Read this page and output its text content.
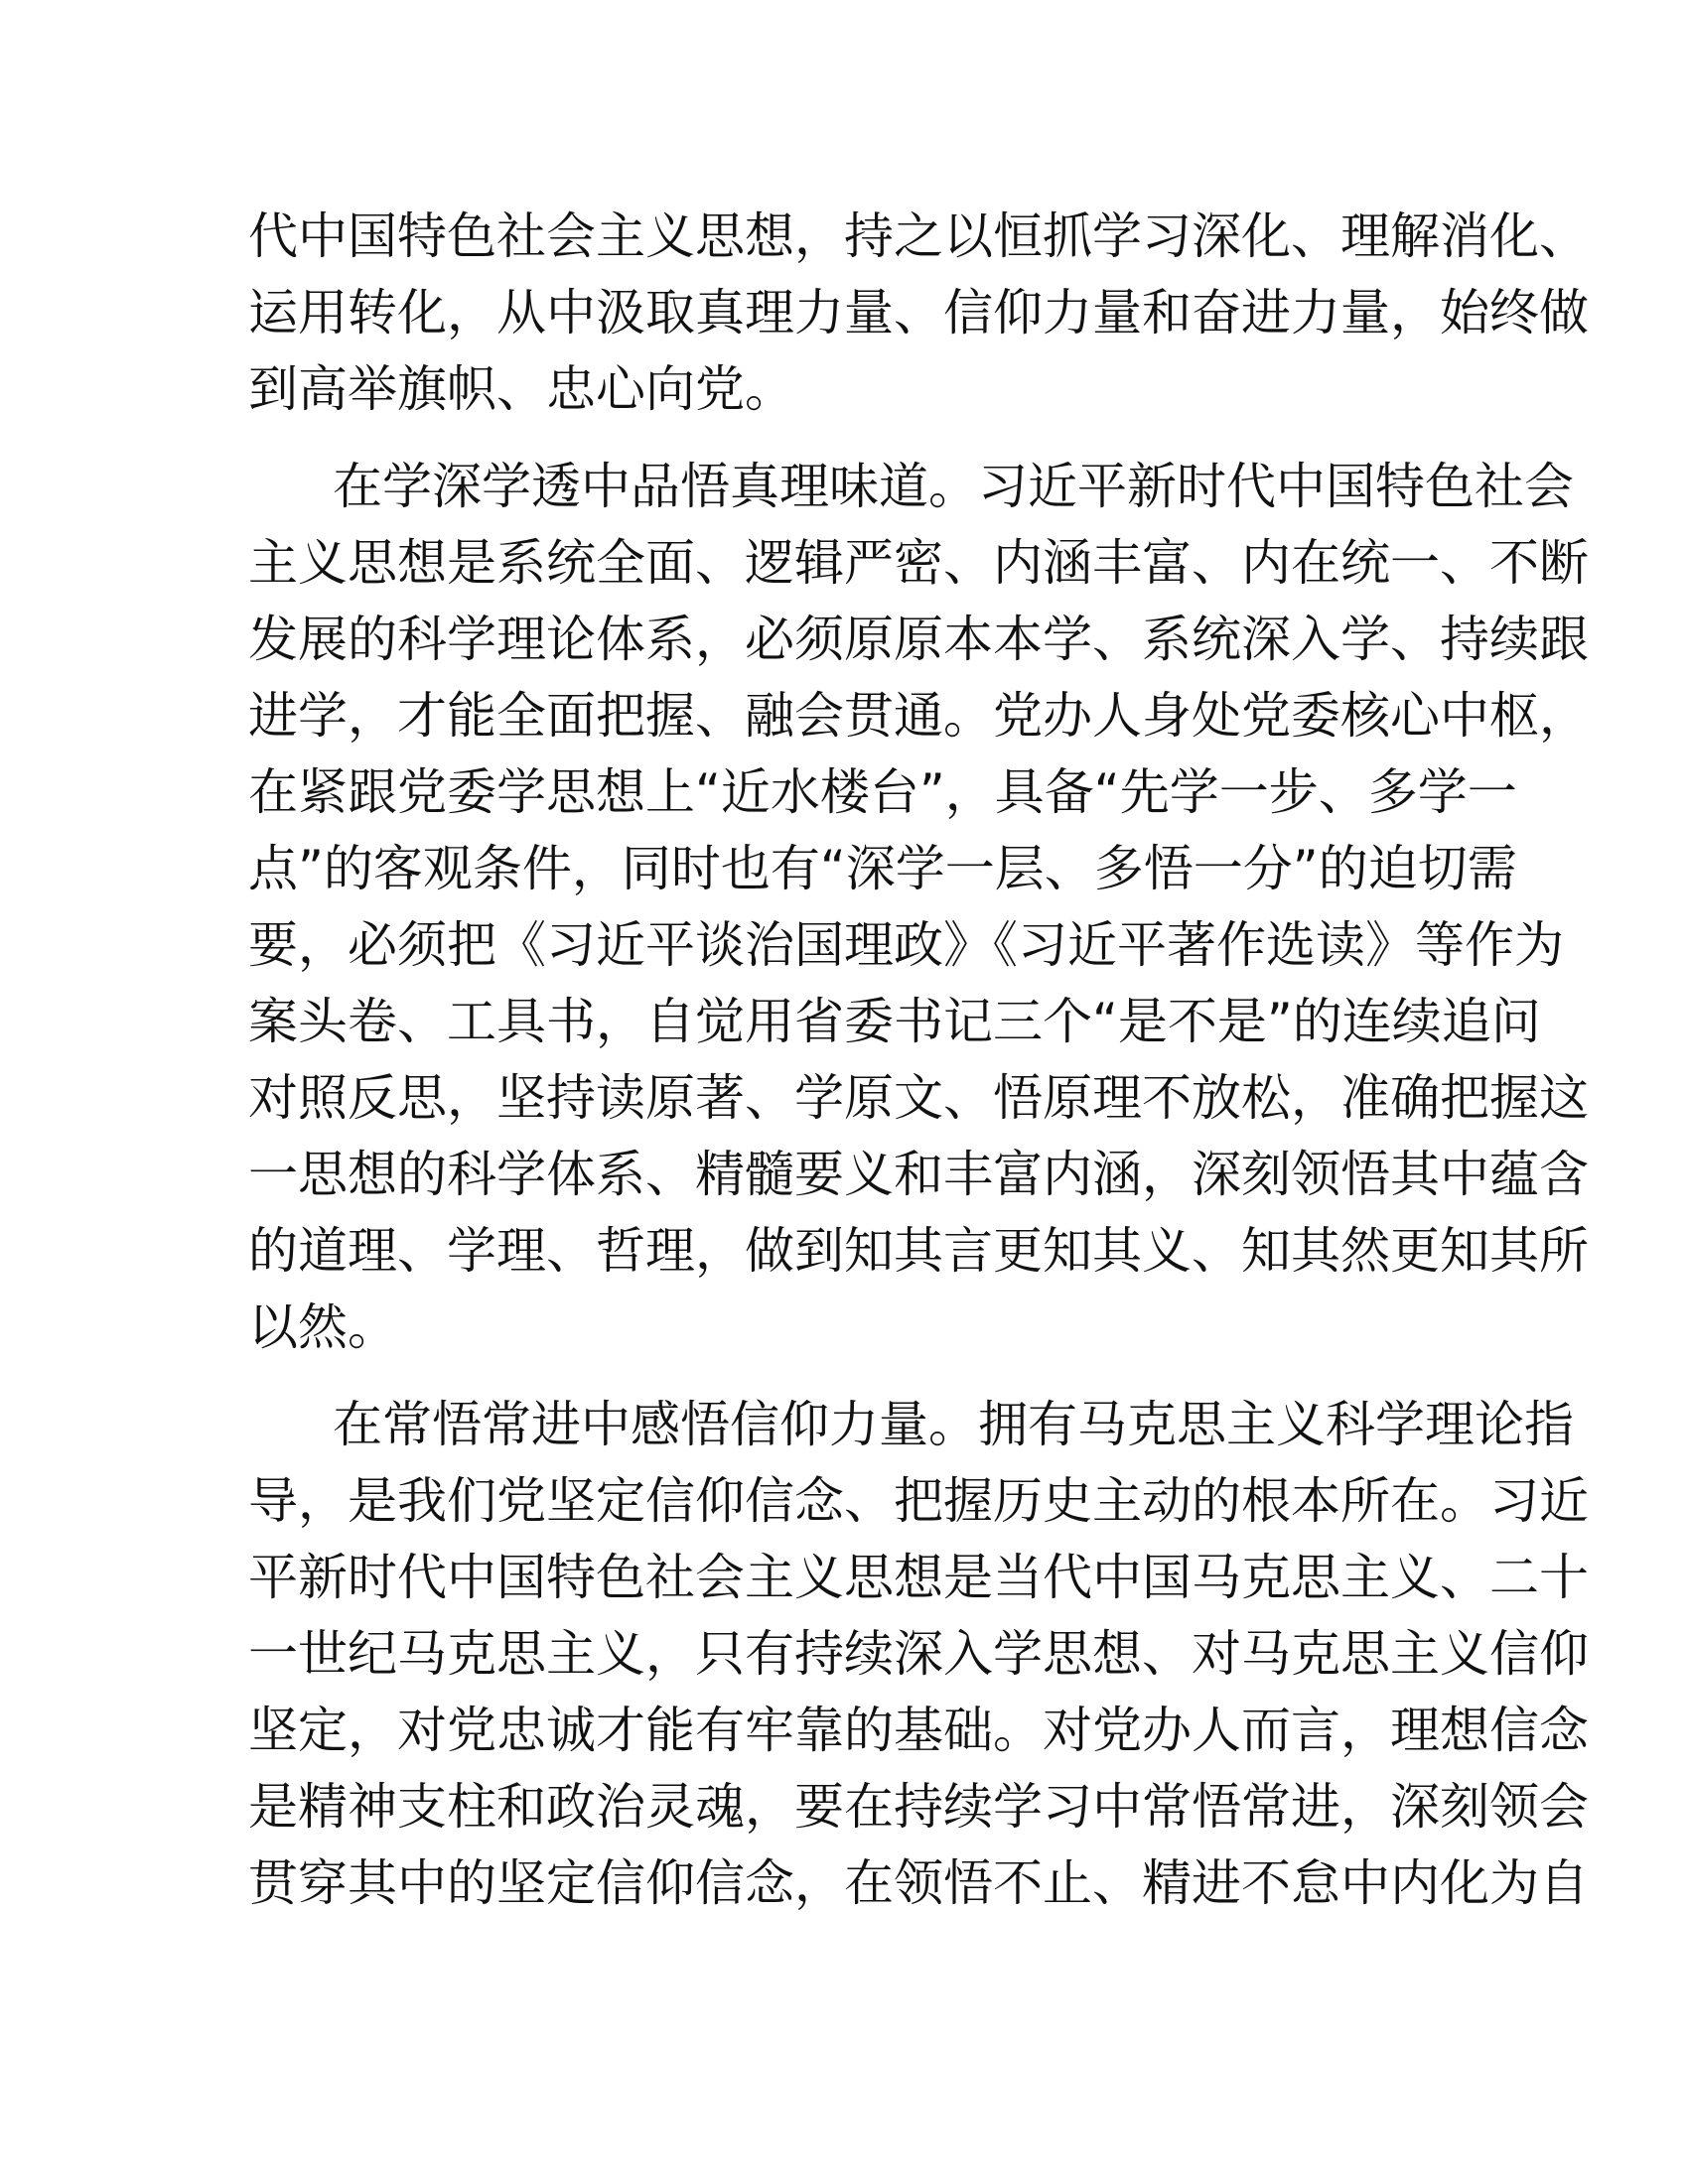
代中国特色社会主义思想，持之以恒抓学习深化、理解消化、
运用转化，从中汲取真理力量、信仰力量和奋进力量，始终做
到高举旗帜、忠心向党。
在学深学透中品悟真理味道。习近平新时代中国特色社会
主义思想是系统全面、逻辑严密、内涵丰富、内在统一、不断
发展的科学理论体系，必须原原本本学、系统深入学、持续跟
进学，才能全面把握、融会贯通。党办人身处党委核心中枢，
在紧跟党委学思想上“近水楼台”，具备“先学一步、多学一
点”的客观条件，同时也有“深学一层、多悟一分”的迫切需
要，必须把《习近平谈治国理政》《习近平著作选读》等作为
案头卷、工具书，自觉用省委书记三个“是不是”的连续追问
对照反思，坚持读原著、学原文、悟原理不放松，准确把握这
一思想的科学体系、精髓要义和丰富内涵，深刻领悟其中蕴含
的道理、学理、哲理，做到知其言更知其义、知其然更知其所
以然。
在常悟常进中感悟信仰力量。拥有马克思主义科学理论指
导，是我们党坚定信仰信念、把握历史主动的根本所在。习近
平新时代中国特色社会主义思想是当代中国马克思主义、二十
一世纪马克思主义，只有持续深入学思想、对马克思主义信仰
坚定，对党忠诚才能有牢靠的基础。对党办人而言，理想信念
是精神支柱和政治灵魂，要在持续学习中常悟常进，深刻领会
贯穿其中的坚定信仰信念，在领悟不止、精进不怠中内化为自
